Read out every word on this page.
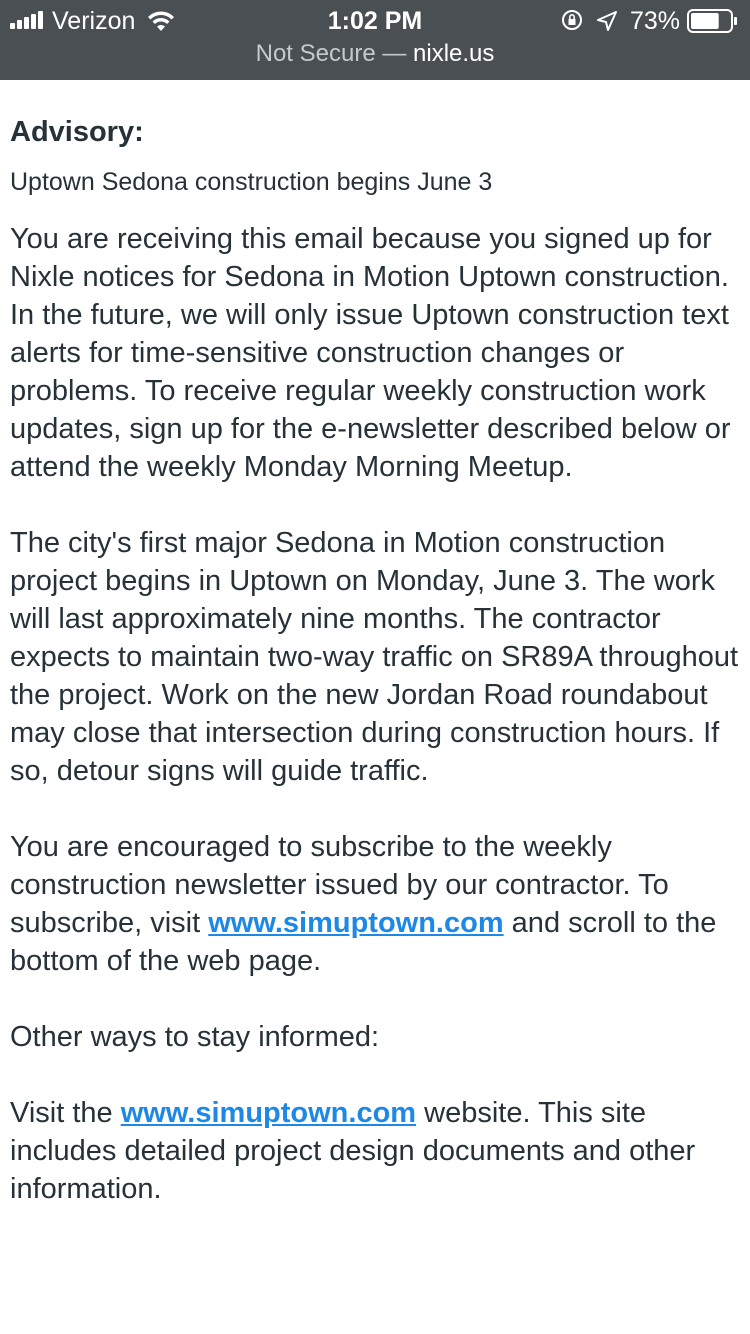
Verizon	1:02 PM	73%
Not Secure — nixle.us
Advisory:

Uptown Sedona construction begins June 3

You are receiving this email because you signed up for Nixle notices for Sedona in Motion Uptown construction. In the future, we will only issue Uptown construction text alerts for time-sensitive construction changes or problems. To receive regular weekly construction work updates, sign up for the e-newsletter described below or attend the weekly Monday Morning Meetup.

The city's first major Sedona in Motion construction project begins in Uptown on Monday, June 3. The work will last approximately nine months. The contractor expects to maintain two-way traffic on SR89A throughout the project. Work on the new Jordan Road roundabout may close that intersection during construction hours. If so, detour signs will guide traffic.

You are encouraged to subscribe to the weekly construction newsletter issued by our contractor. To subscribe, visit www.simuptown.com and scroll to the bottom of the web page.

Other ways to stay informed:

Visit the www.simuptown.com website. This site includes detailed project design documents and other information.
